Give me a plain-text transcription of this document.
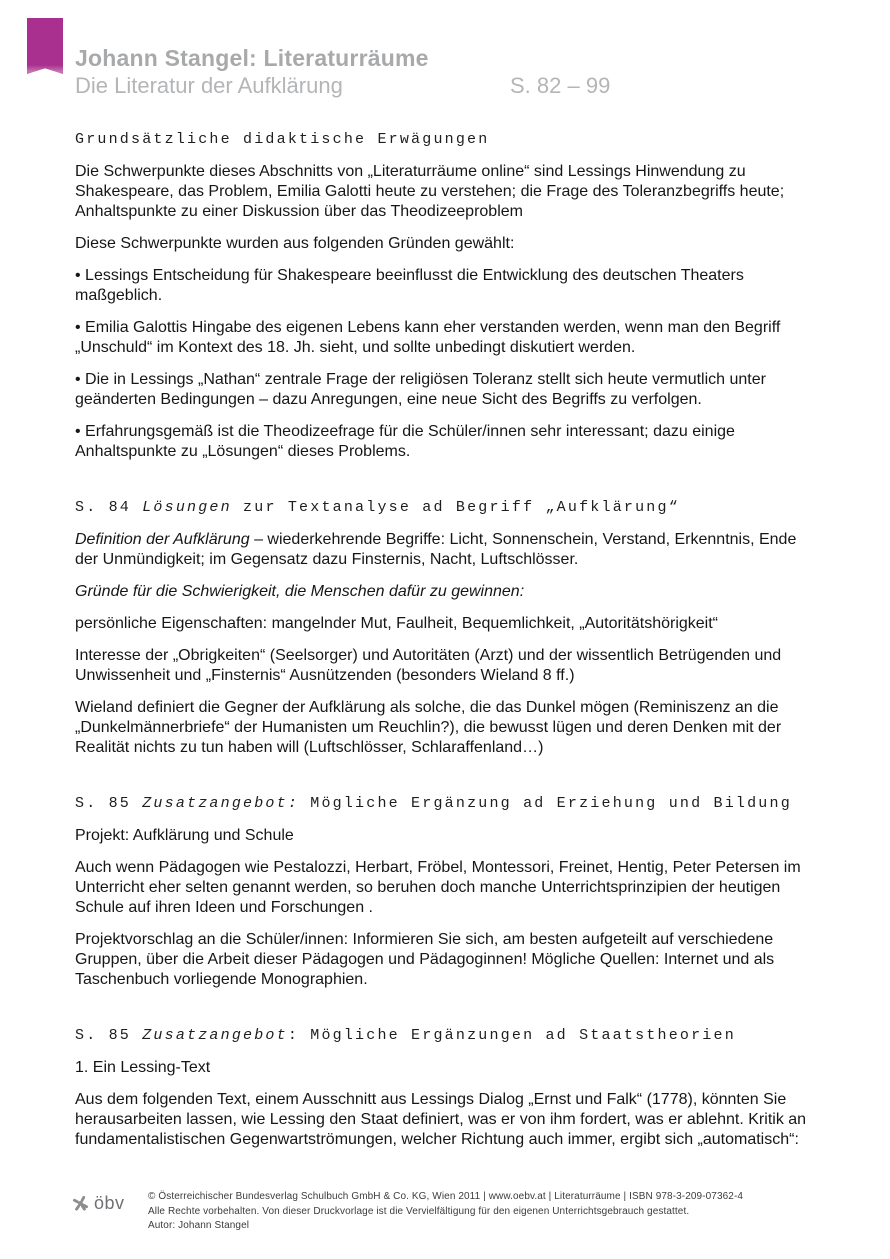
Johann Stangel: Literaturräume
Die Literatur der Aufklärung	S. 82 – 99
Grundsätzliche didaktische Erwägungen
Die Schwerpunkte dieses Abschnitts von „Literaturräume online“ sind Lessings Hinwendung zu Shakespeare, das Problem, Emilia Galotti heute zu verstehen; die Frage des Toleranzbegriffs heute; Anhaltspunkte zu einer Diskussion über das Theodizeeproblem
Diese Schwerpunkte wurden aus folgenden Gründen gewählt:
• Lessings Entscheidung für Shakespeare beeinflusst die Entwicklung des deutschen Theaters maßgeblich.
• Emilia Galottis Hingabe des eigenen Lebens kann eher verstanden werden, wenn man den Begriff „Unschuld“ im Kontext des 18. Jh. sieht, und sollte unbedingt diskutiert werden.
• Die in Lessings „Nathan“ zentrale Frage der religiösen Toleranz stellt sich heute vermutlich unter geänderten Bedingungen – dazu Anregungen, eine neue Sicht des Begriffs zu verfolgen.
• Erfahrungsgemäß ist die Theodizeefrage für die Schüler/innen sehr interessant; dazu einige Anhaltspunkte zu „Lösungen“ dieses Problems.
S. 84 Lösungen zur Textanalyse ad Begriff „Aufklärung“
Definition der Aufklärung – wiederkehrende Begriffe: Licht, Sonnenschein, Verstand, Erkenntnis, Ende der Unmündigkeit; im Gegensatz dazu Finsternis, Nacht, Luftschlösser.
Gründe für die Schwierigkeit, die Menschen dafür zu gewinnen:
persönliche Eigenschaften: mangelnder Mut, Faulheit, Bequemlichkeit, „Autoritätshörigkeit“
Interesse der „Obrigkeiten“ (Seelsorger) und Autoritäten (Arzt) und der wissentlich Betrügenden und Unwissenheit und „Finsternis“ Ausnützenden (besonders Wieland 8 ff.)
Wieland definiert die Gegner der Aufklärung als solche, die das Dunkel mögen (Reminiszenz an die „Dunkelmännerbriefe“ der Humanisten um Reuchlin?), die bewusst lügen und deren Denken mit der Realität nichts zu tun haben will (Luftschlösser, Schlaraffenland…)
S. 85 Zusatzangebot: Mögliche Ergänzung ad Erziehung und Bildung
Projekt: Aufklärung und Schule
Auch wenn Pädagogen wie Pestalozzi, Herbart, Fröbel, Montessori, Freinet, Hentig, Peter Petersen im Unterricht eher selten genannt werden, so beruhen doch manche Unterrichtsprinzipien der heutigen Schule auf ihren Ideen und Forschungen .
Projektvorschlag an die Schüler/innen: Informieren Sie sich, am besten aufgeteilt auf verschiedene Gruppen, über die Arbeit dieser Pädagogen und Pädagoginnen! Mögliche Quellen: Internet und als Taschenbuch vorliegende Monographien.
S. 85 Zusatzangebot: Mögliche Ergänzungen ad Staatstheorien
1. Ein Lessing-Text
Aus dem folgenden Text, einem Ausschnitt aus Lessings Dialog „Ernst und Falk“ (1778), könnten Sie herausarbeiten lassen, wie Lessing den Staat definiert, was er von ihm fordert, was er ablehnt. Kritik an fundamentalistischen Gegenwartströmungen, welcher Richtung auch immer, ergibt sich „automatisch“:
öbv © Österreichischer Bundesverlag Schulbuch GmbH & Co. KG, Wien 2011 | www.oebv.at | Literaturräume | ISBN 978-3-209-07362-4
Alle Rechte vorbehalten. Von dieser Druckvorlage ist die Vervielfältigung für den eigenen Unterrichtsgebrauch gestattet.
Autor: Johann Stangel
